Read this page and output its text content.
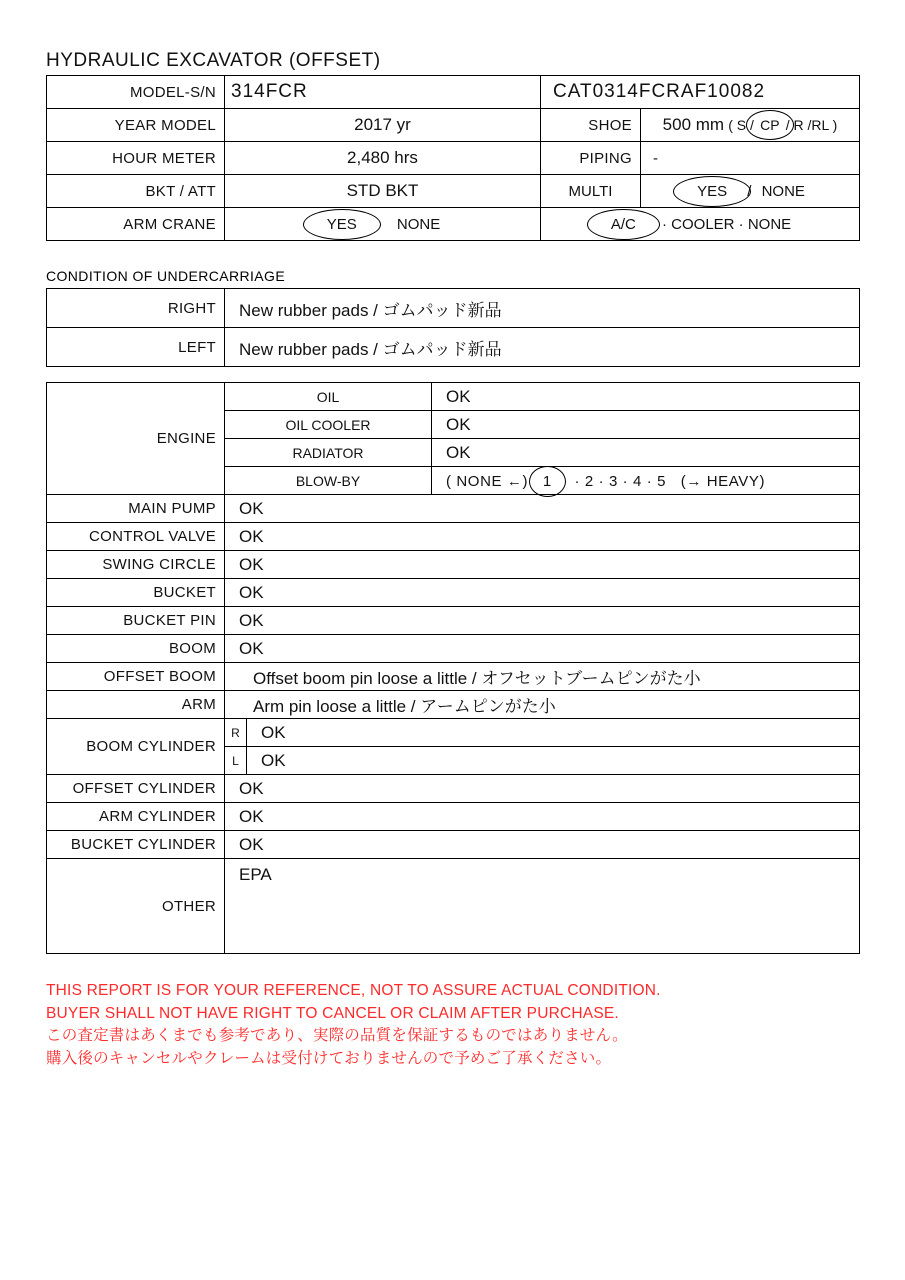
HYDRAULIC EXCAVATOR (OFFSET)
MODEL-S/N	314FCR	CAT0314FCRAF10082	
YEAR MODEL	2017 yr	SHOE	500 mm ( S / CP / R /RL )
HOUR METER	2,480 hrs	PIPING	-
BKT / ATT	STD BKT	MULTI	YES / NONE
ARM CRANE	YES NONE	A/C · COOLER · NONE	
CONDITION OF UNDERCARRIAGE
RIGHT	New rubber pads / ゴムパッド新品
LEFT	New rubber pads / ゴムパッド新品
ENGINE	OIL		OK
	OIL COOLER		OK
	RADIATOR		OK
	BLOW-BY		( NONE ←) 1 · 2 · 3 · 4 · 5 (→ HEAVY)
MAIN PUMP	OK		
CONTROL VALVE	OK		
SWING CIRCLE	OK		
BUCKET	OK		
BUCKET PIN	OK		
BOOM	OK		
OFFSET BOOM	Offset boom pin loose a little / オフセットブームピンがた小		
ARM	Arm pin loose a little / アームピンがた小		
BOOM CYLINDER	R	OK	
	L	OK	
OFFSET CYLINDER	OK		
ARM CYLINDER	OK		
BUCKET CYLINDER	OK		
OTHER	EPA		
THIS REPORT IS FOR YOUR REFERENCE, NOT TO ASSURE ACTUAL CONDITION.
BUYER SHALL NOT HAVE RIGHT TO CANCEL OR CLAIM AFTER PURCHASE.
この査定書はあくまでも参考であり、実際の品質を保証するものではありません。
購入後のキャンセルやクレームは受付けておりませんので予めご了承ください。
